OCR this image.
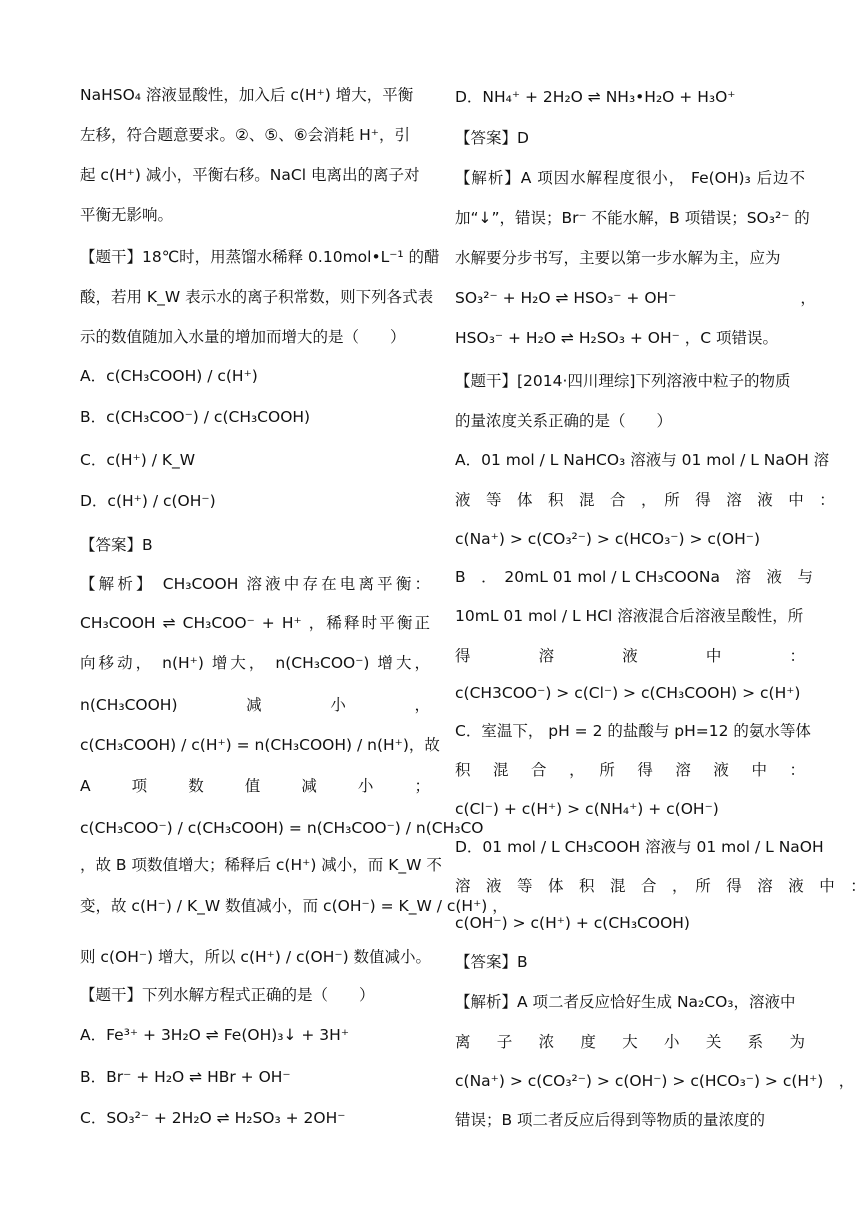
NaHSO₄ 溶液显酸性，加入后 c(H⁺) 增大，平衡
左移，符合题意要求。②、⑤、⑥会消耗 H⁺，引
起 c(H⁺) 减小，平衡右移。NaCl 电离出的离子对
平衡无影响。
【题干】18℃时，用蒸馏水稀释 0.10mol•L⁻¹ 的醋
酸，若用 K_W 表示水的离子积常数，则下列各式表
示的数值随加入水量的增加而增大的是（　　）
A．c(CH₃COOH) / c(H⁺)
B．c(CH₃COO⁻) / c(CH₃COOH)
C．c(H⁺) / K_W
D．c(H⁺) / c(OH⁻)
【答案】B
【解析】 CH₃COOH 溶液中存在电离平衡：
CH₃COOH ⇌ CH₃COO⁻ + H⁺ ，稀释时平衡正
向移动， n(H⁺) 增大， n(CH₃COO⁻) 增大，
n(CH₃COOH)　　　　减　　　　小　　　　，
c(CH₃COOH) / c(H⁺) = n(CH₃COOH) / n(H⁺)，故
A　　项　　数　　值　　减　　小　　；
c(CH₃COO⁻) / c(CH₃COOH) = n(CH₃COO⁻) / n(CH₃CO
，故 B 项数值增大；稀释后 c(H⁺) 减小，而 K_W 不
变，故 c(H⁻) / K_W 数值减小，而 c(OH⁻) = K_W / c(H⁺) ，
则 c(OH⁻) 增大，所以 c(H⁺) / c(OH⁻) 数值减小。
【题干】下列水解方程式正确的是（　　）
A．Fe³⁺ + 3H₂O ⇌ Fe(OH)₃↓ + 3H⁺
B．Br⁻ + H₂O ⇌ HBr + OH⁻
C．SO₃²⁻ + 2H₂O ⇌ H₂SO₃ + 2OH⁻
D．NH₄⁺ + 2H₂O ⇌ NH₃•H₂O + H₃O⁺
【答案】D
【解析】A 项因水解程度很小， Fe(OH)₃ 后边不
加“↓”，错误；Br⁻ 不能水解，B 项错误；SO₃²⁻ 的
水解要分步书写，主要以第一步水解为主，应为
SO₃²⁻ + H₂O ⇌ HSO₃⁻ + OH⁻　　　　　　　　，
HSO₃⁻ + H₂O ⇌ H₂SO₃ + OH⁻ ，C 项错误。
【题干】[2014·四川理综]下列溶液中粒子的物质
的量浓度关系正确的是（　　）
A．01 mol / L NaHCO₃ 溶液与 01 mol / L NaOH 溶
液　等　体　积　混　合　，　所　得　溶　液　中　：
c(Na⁺) > c(CO₃²⁻) > c(HCO₃⁻) > c(OH⁻)
B　．　20mL 01 mol / L CH₃COONa　溶　液　与
10mL 01 mol / L HCl 溶液混合后溶液呈酸性，所
得　　　　溶　　　　液　　　　中　　　　：
c(CH3COO⁻) > c(Cl⁻) > c(CH₃COOH) > c(H⁺)
C．室温下， pH = 2 的盐酸与 pH=12 的氨水等体
积　混　合　，　所　得　溶　液　中　：
c(Cl⁻) + c(H⁺) > c(NH₄⁺) + c(OH⁻)
D．01 mol / L CH₃COOH 溶液与 01 mol / L NaOH
溶　液　等　体　积　混　合　，　所　得　溶　液　中　：
c(OH⁻) > c(H⁺) + c(CH₃COOH)
【答案】B
【解析】A 项二者反应恰好生成 Na₂CO₃，溶液中
离　子　浓　度　大　小　关　系　为
c(Na⁺) > c(CO₃²⁻) > c(OH⁻) > c(HCO₃⁻) > c(H⁺)　，
错误；B 项二者反应后得到等物质的量浓度的
